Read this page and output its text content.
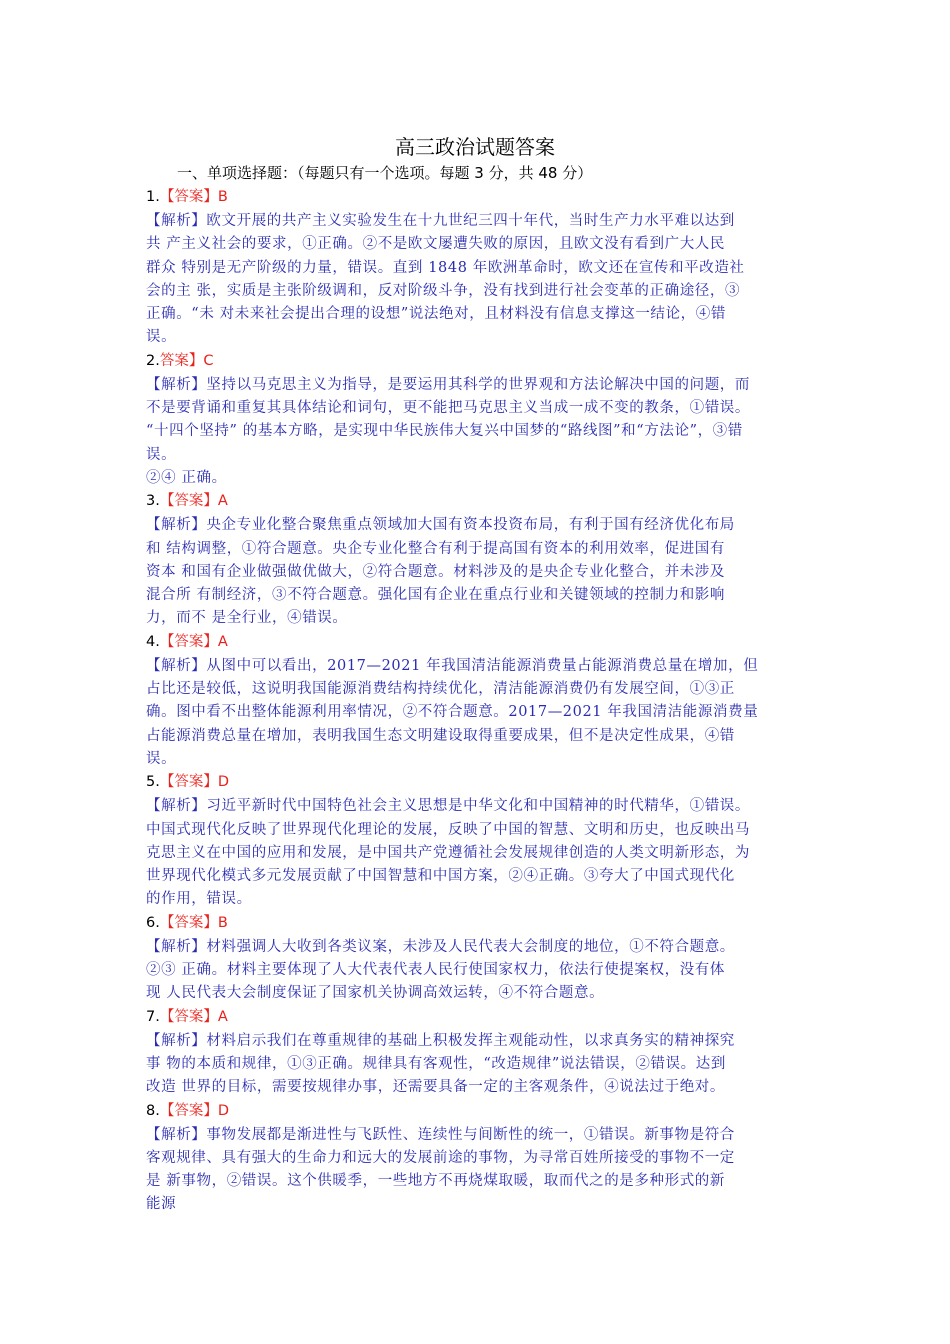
高三政治试题答案
一、单项选择题：（每题只有一个选项。每题 3 分，共 48 分）
1.【答案】B
【解析】欧文开展的共产主义实验发生在十九世纪三四十年代，当时生产力水平难以达到
共 产主义社会的要求，①正确。②不是欧文屡遭失败的原因，且欧文没有看到广大人民
群众 特别是无产阶级的力量，错误。直到 1848 年欧洲革命时，欧文还在宣传和平改造社
会的主 张，实质是主张阶级调和，反对阶级斗争，没有找到进行社会变革的正确途径，③
正确。“未 对未来社会提出合理的设想”说法绝对，且材料没有信息支撑这一结论，④错
误。
2.答案】C
【解析】坚持以马克思主义为指导，是要运用其科学的世界观和方法论解决中国的问题，而
不是要背诵和重复其具体结论和词句，更不能把马克思主义当成一成不变的教条，①错误。
“十四个坚持” 的基本方略，是实现中华民族伟大复兴中国梦的“路线图”和“方法论”，③错
误。
②④ 正确。
3.【答案】A
【解析】央企专业化整合聚焦重点领域加大国有资本投资布局，有利于国有经济优化布局
和 结构调整，①符合题意。央企专业化整合有利于提高国有资本的利用效率，促进国有
资本 和国有企业做强做优做大，②符合题意。材料涉及的是央企专业化整合，并未涉及
混合所 有制经济，③不符合题意。强化国有企业在重点行业和关键领域的控制力和影响
力，而不 是全行业，④错误。
4.【答案】A
【解析】从图中可以看出，2017—2021 年我国清洁能源消费量占能源消费总量在增加，但
占比还是较低，这说明我国能源消费结构持续优化，清洁能源消费仍有发展空间，①③正
确。图中看不出整体能源利用率情况，②不符合题意。2017—2021 年我国清洁能源消费量
占能源消费总量在增加，表明我国生态文明建设取得重要成果，但不是决定性成果，④错
误。
5.【答案】D
【解析】习近平新时代中国特色社会主义思想是中华文化和中国精神的时代精华，①错误。
中国式现代化反映了世界现代化理论的发展，反映了中国的智慧、文明和历史，也反映出马
克思主义在中国的应用和发展，是中国共产党遵循社会发展规律创造的人类文明新形态，为
世界现代化模式多元发展贡献了中国智慧和中国方案，②④正确。③夸大了中国式现代化
的作用，错误。
6.【答案】B
【解析】材料强调人大收到各类议案，未涉及人民代表大会制度的地位，①不符合题意。
②③ 正确。材料主要体现了人大代表代表人民行使国家权力，依法行使提案权，没有体
现 人民代表大会制度保证了国家机关协调高效运转，④不符合题意。
7.【答案】A
【解析】材料启示我们在尊重规律的基础上积极发挥主观能动性，以求真务实的精神探究
事 物的本质和规律，①③正确。规律具有客观性，“改造规律”说法错误，②错误。达到
改造 世界的目标，需要按规律办事，还需要具备一定的主客观条件，④说法过于绝对。
8.【答案】D
【解析】事物发展都是渐进性与飞跃性、连续性与间断性的统一，①错误。新事物是符合
客观规律、具有强大的生命力和远大的发展前途的事物，为寻常百姓所接受的事物不一定
是 新事物，②错误。这个供暖季，一些地方不再烧煤取暖，取而代之的是多种形式的新
能源
